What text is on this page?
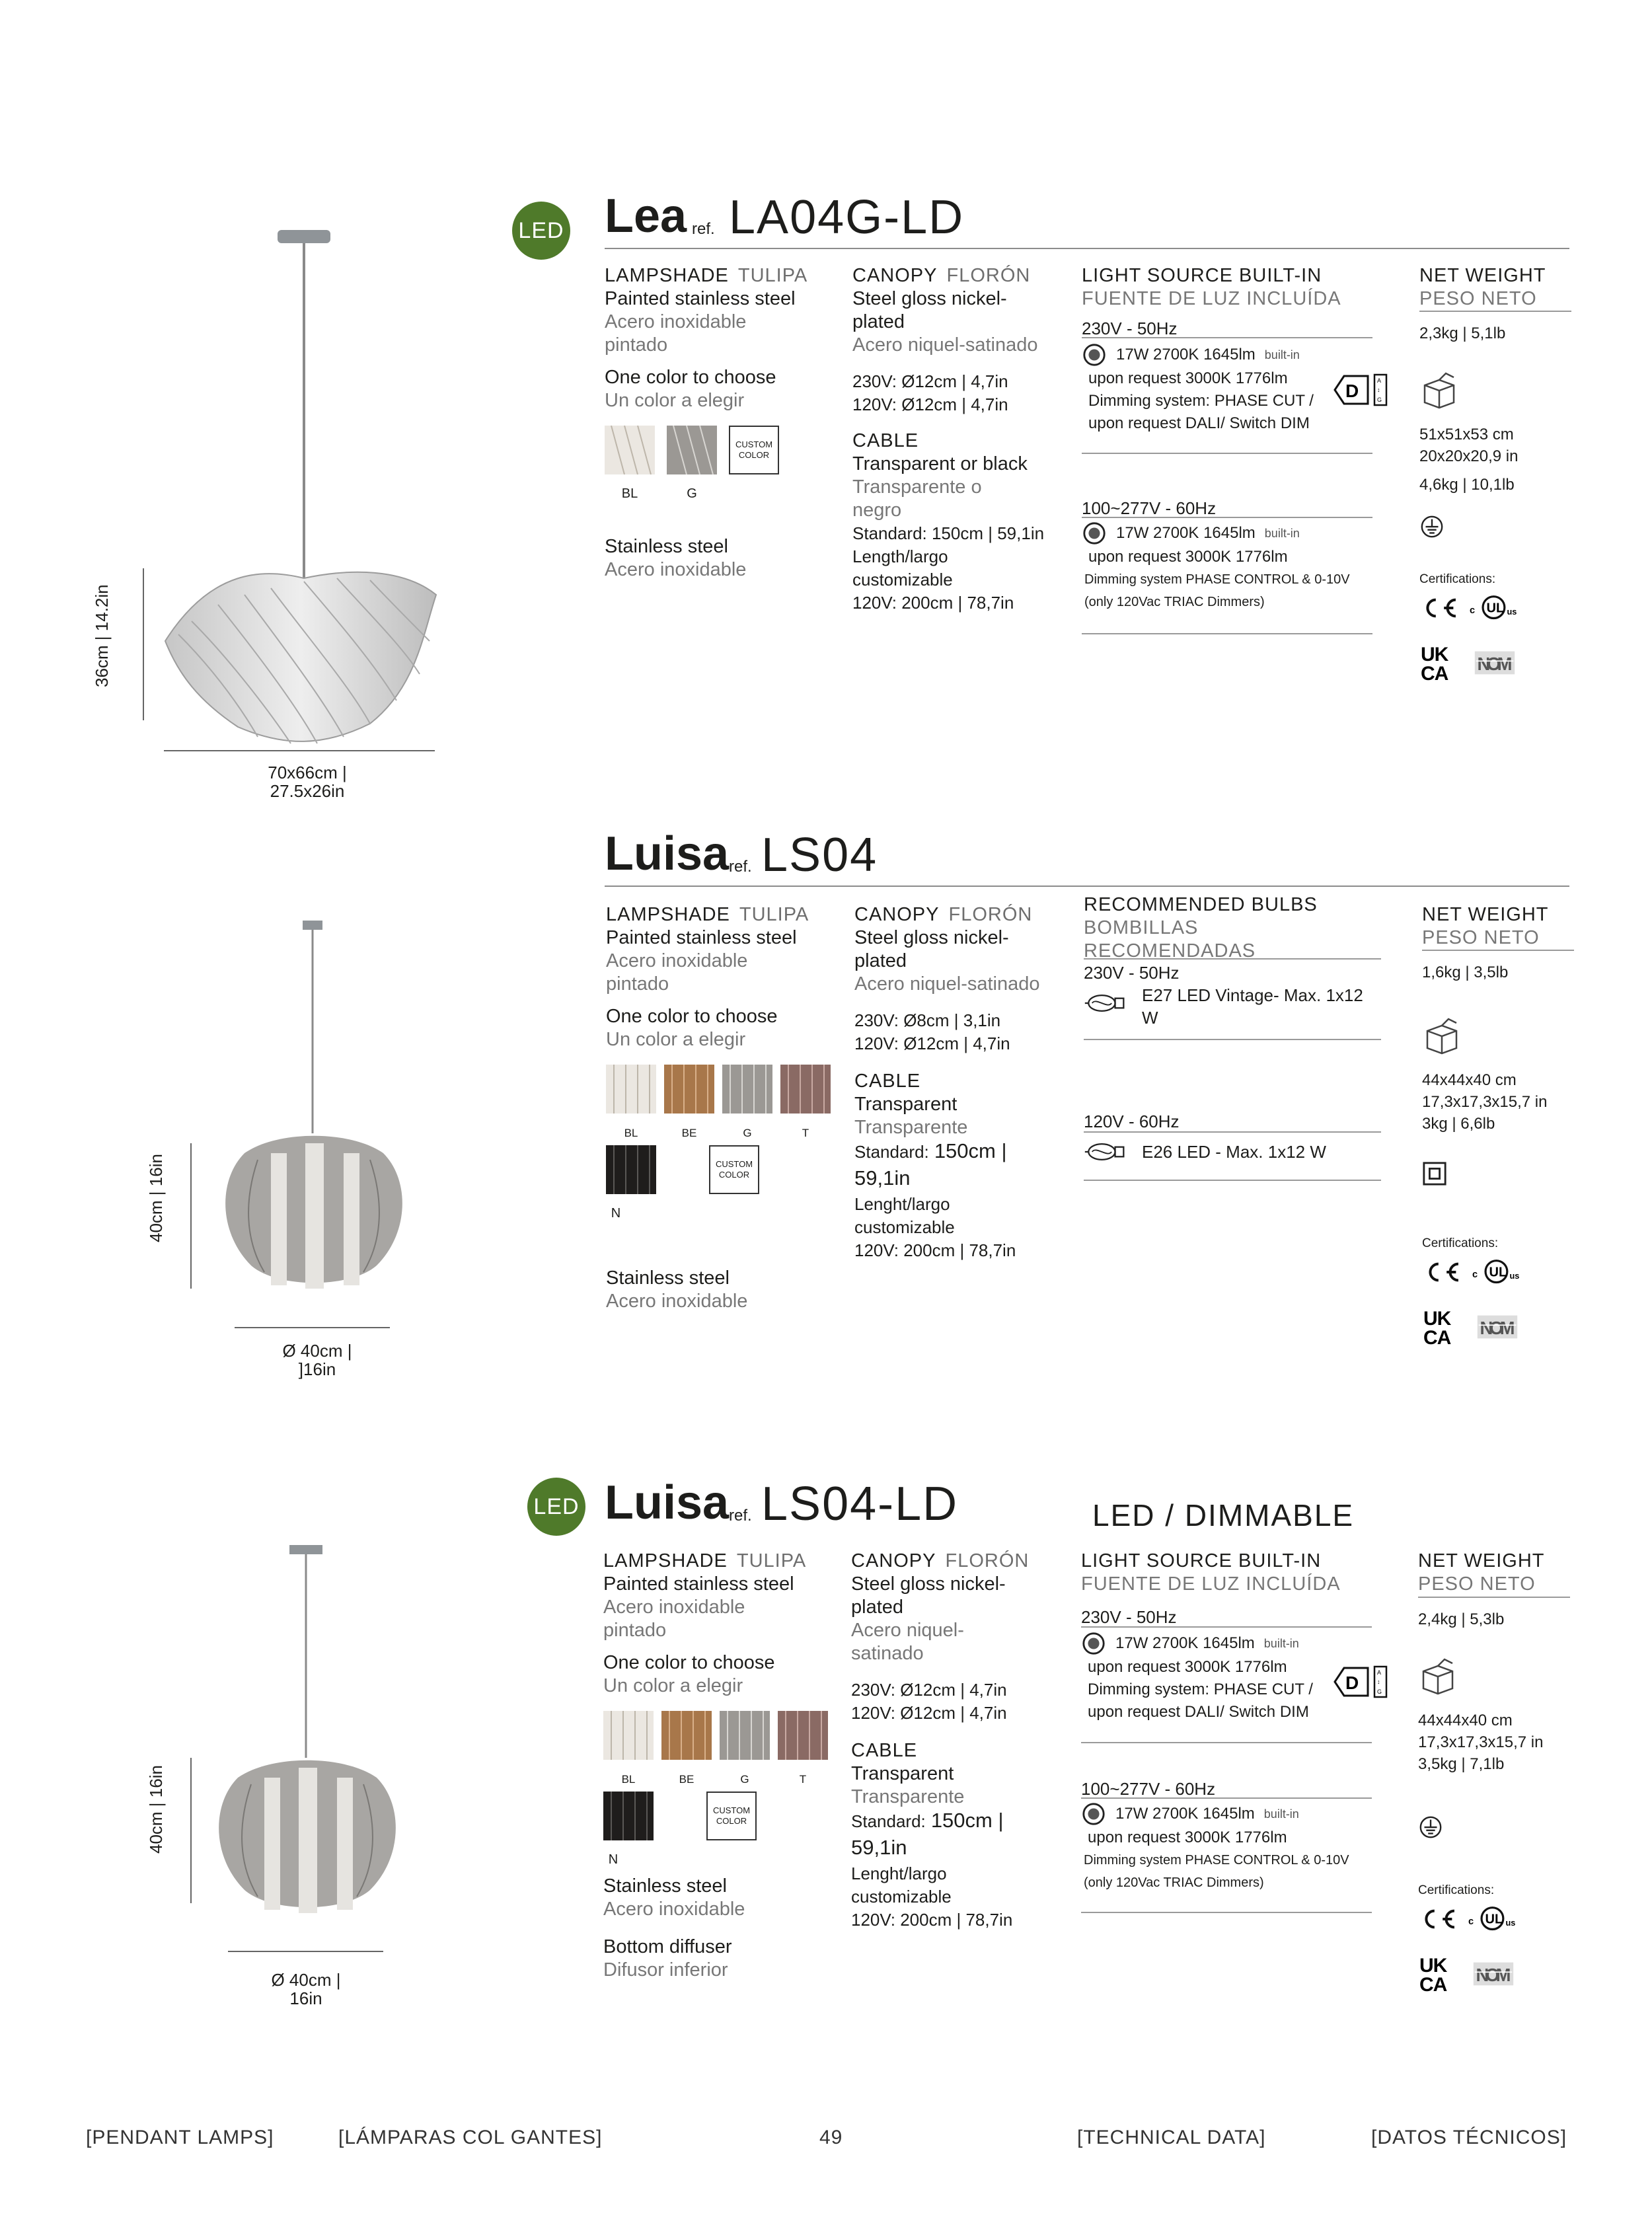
36cm | 14.2in
70x66cm |
27.5x26in
LED Lea ref. LA04G-LD
LAMPSHADE TULIPA
Painted stainless steel
Acero inoxidable
pintado
One color to choose
Un color a elegir
BL	G
CUSTOM
COLOR
Stainless steel
Acero inoxidable
CANOPY FLORÓN
Steel gloss nickel-
plated
Acero niquel-satinado
230V: Ø12cm | 4,7in
120V: Ø12cm | 4,7in
CABLE
Transparent or black
Transparente o
negro
Standard: 150cm | 59,1in
Length/largo
customizable
120V: 200cm | 78,7in
LIGHT SOURCE BUILT-IN
FUENTE DE LUZ INCLUÍDA
230V - 50Hz
17W 2700K 1645lm built-in
upon request 3000K 1776lm
Dimming system: PHASE CUT /
upon request DALI/ Switch DIM
100~277V - 60Hz
17W 2700K 1645lm built-in
upon request 3000K 1776lm
Dimming system PHASE CONTROL & 0-10V
(only 120Vac TRIAC Dimmers)
NET WEIGHT
PESO NETO
2,3kg | 5,1lb
51x51x53 cm
20x20x20,9 in
4,6kg | 10,1lb
Certifications:
40cm | 16in
Ø 40cm |
]16in
Luisa ref. LS04
LAMPSHADE TULIPA
Painted stainless steel
Acero inoxidable
pintado
One color to choose
Un color a elegir
BL	BE	G	T
N
CUSTOM
COLOR
Stainless steel
Acero inoxidable
CANOPY FLORÓN
Steel gloss nickel-
plated
Acero niquel-satinado
230V: Ø8cm | 3,1in
120V: Ø12cm | 4,7in
CABLE
Transparent
Transparente
Standard: 150cm |
59,1in
Lenght/largo
customizable
120V: 200cm | 78,7in
RECOMMENDED BULBS
BOMBILLAS
RECOMENDADAS
230V - 50Hz
E27 LED Vintage- Max. 1x12
W
120V - 60Hz
E26 LED - Max. 1x12 W
NET WEIGHT
PESO NETO
1,6kg | 3,5lb
44x44x40 cm
17,3x17,3x15,7 in
3kg | 6,6lb
Certifications:
40cm | 16in
Ø 40cm |
16in
LED Luisa ref. LS04-LD	LED / DIMMABLE
LAMPSHADE TULIPA
Painted stainless steel
Acero inoxidable
pintado
One color to choose
Un color a elegir
BL	BE	G	T
N
CUSTOM
COLOR
Stainless steel
Acero inoxidable
Bottom diffuser
Difusor inferior
CANOPY FLORÓN
Steel gloss nickel-
plated
Acero niquel-
satinado
230V: Ø12cm | 4,7in
120V: Ø12cm | 4,7in
CABLE
Transparent
Transparente
Standard: 150cm |
59,1in
Lenght/largo
customizable
120V: 200cm | 78,7in
LIGHT SOURCE BUILT-IN
FUENTE DE LUZ INCLUÍDA
230V - 50Hz
17W 2700K 1645lm built-in
upon request 3000K 1776lm
Dimming system: PHASE CUT /
upon request DALI/ Switch DIM
100~277V - 60Hz
17W 2700K 1645lm built-in
upon request 3000K 1776lm
Dimming system PHASE CONTROL & 0-10V
(only 120Vac TRIAC Dimmers)
NET WEIGHT
PESO NETO
2,4kg | 5,3lb
44x44x40 cm
17,3x17,3x15,7 in
3,5kg | 7,1lb
Certifications:
[PENDANT LAMPS]	[LÁMPARAS COL GANTES]	49	[TECHNICAL DATA]	[DATOS TÉCNICOS]
